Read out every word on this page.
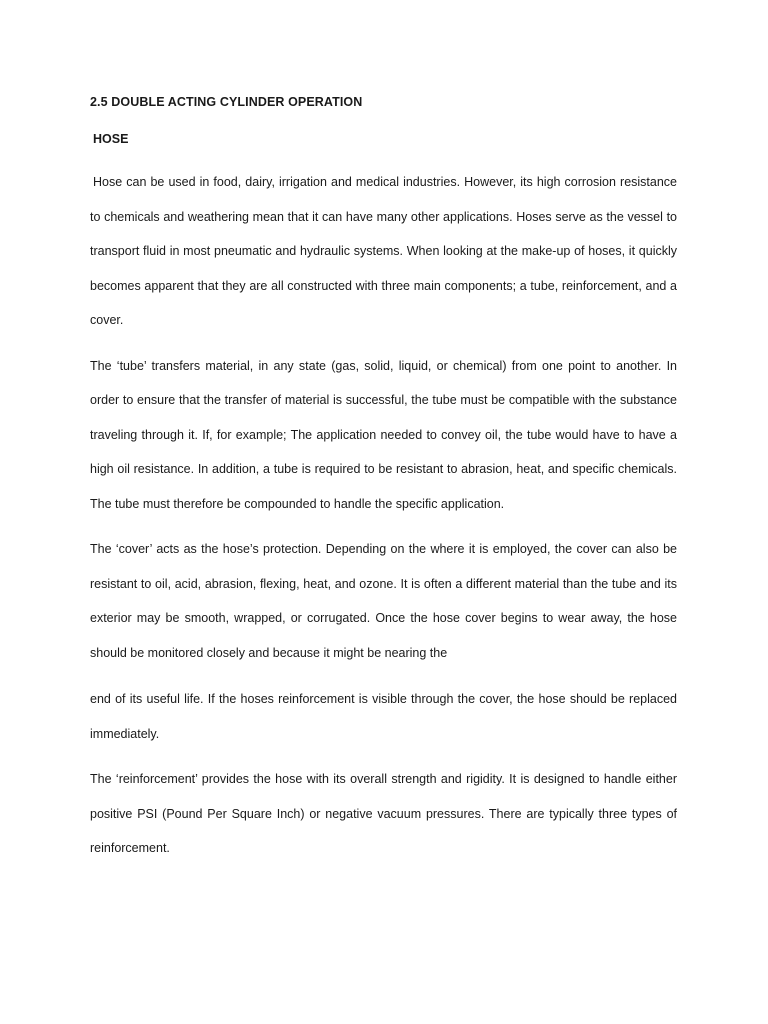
2.5 DOUBLE ACTING CYLINDER OPERATION
HOSE

Hose can be used in food, dairy, irrigation and medical industries. However, its high corrosion resistance to chemicals and weathering mean that it can have many other applications. Hoses serve as the vessel to transport fluid in most pneumatic and hydraulic systems. When looking at the make-up of hoses, it quickly becomes apparent that they are all constructed with three main components; a tube, reinforcement, and a cover.

The ‘tube’ transfers material, in any state (gas, solid, liquid, or chemical) from one point to another. In order to ensure that the transfer of material is successful, the tube must be compatible with the substance traveling through it. If, for example; The application needed to convey oil, the tube would have to have a high oil resistance. In addition, a tube is required to be resistant to abrasion, heat, and specific chemicals. The tube must therefore be compounded to handle the specific application.

The ‘cover’ acts as the hose’s protection. Depending on the where it is employed, the cover can also be resistant to oil, acid, abrasion, flexing, heat, and ozone. It is often a different material than the tube and its exterior may be smooth, wrapped, or corrugated. Once the hose cover begins to wear away, the hose should be monitored closely and because it might be nearing the

end of its useful life. If the hoses reinforcement is visible through the cover, the hose should be replaced immediately.

The ‘reinforcement’ provides the hose with its overall strength and rigidity. It is designed to handle either positive PSI (Pound Per Square Inch) or negative vacuum pressures. There are typically three types of reinforcement.
